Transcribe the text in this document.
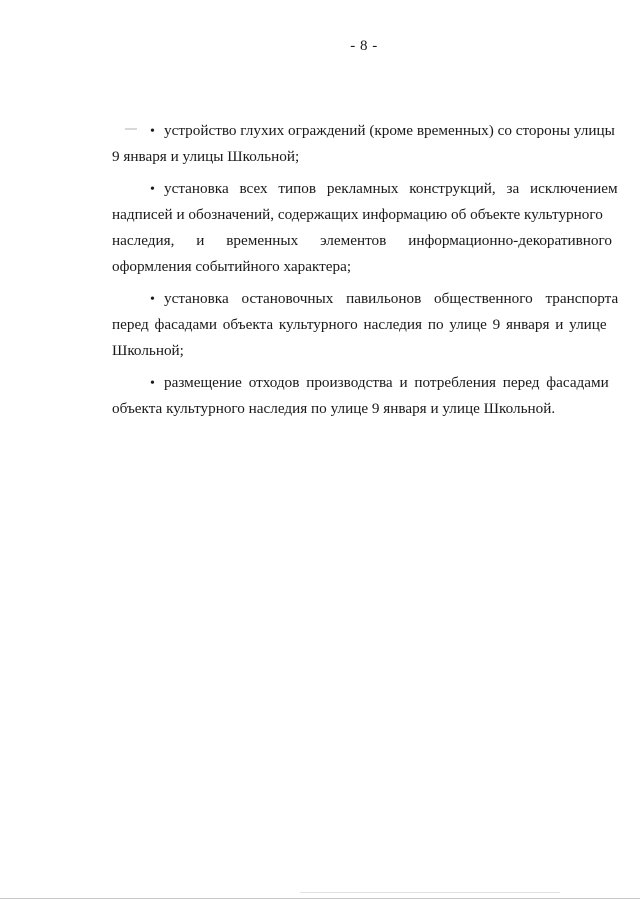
- 8 -
• устройство глухих ограждений (кроме временных) со стороны улицы
9 января и улицы Школьной;
• установка всех типов рекламных конструкций, за исключением
надписей и обозначений, содержащих информацию об объекте культурного
наследия, и временных элементов информационно-декоративного
оформления событийного характера;
• установка остановочных павильонов общественного транспорта
перед фасадами объекта культурного наследия по улице 9 января и улице
Школьной;
• размещение отходов производства и потребления перед фасадами
объекта культурного наследия по улице 9 января и улице Школьной.
